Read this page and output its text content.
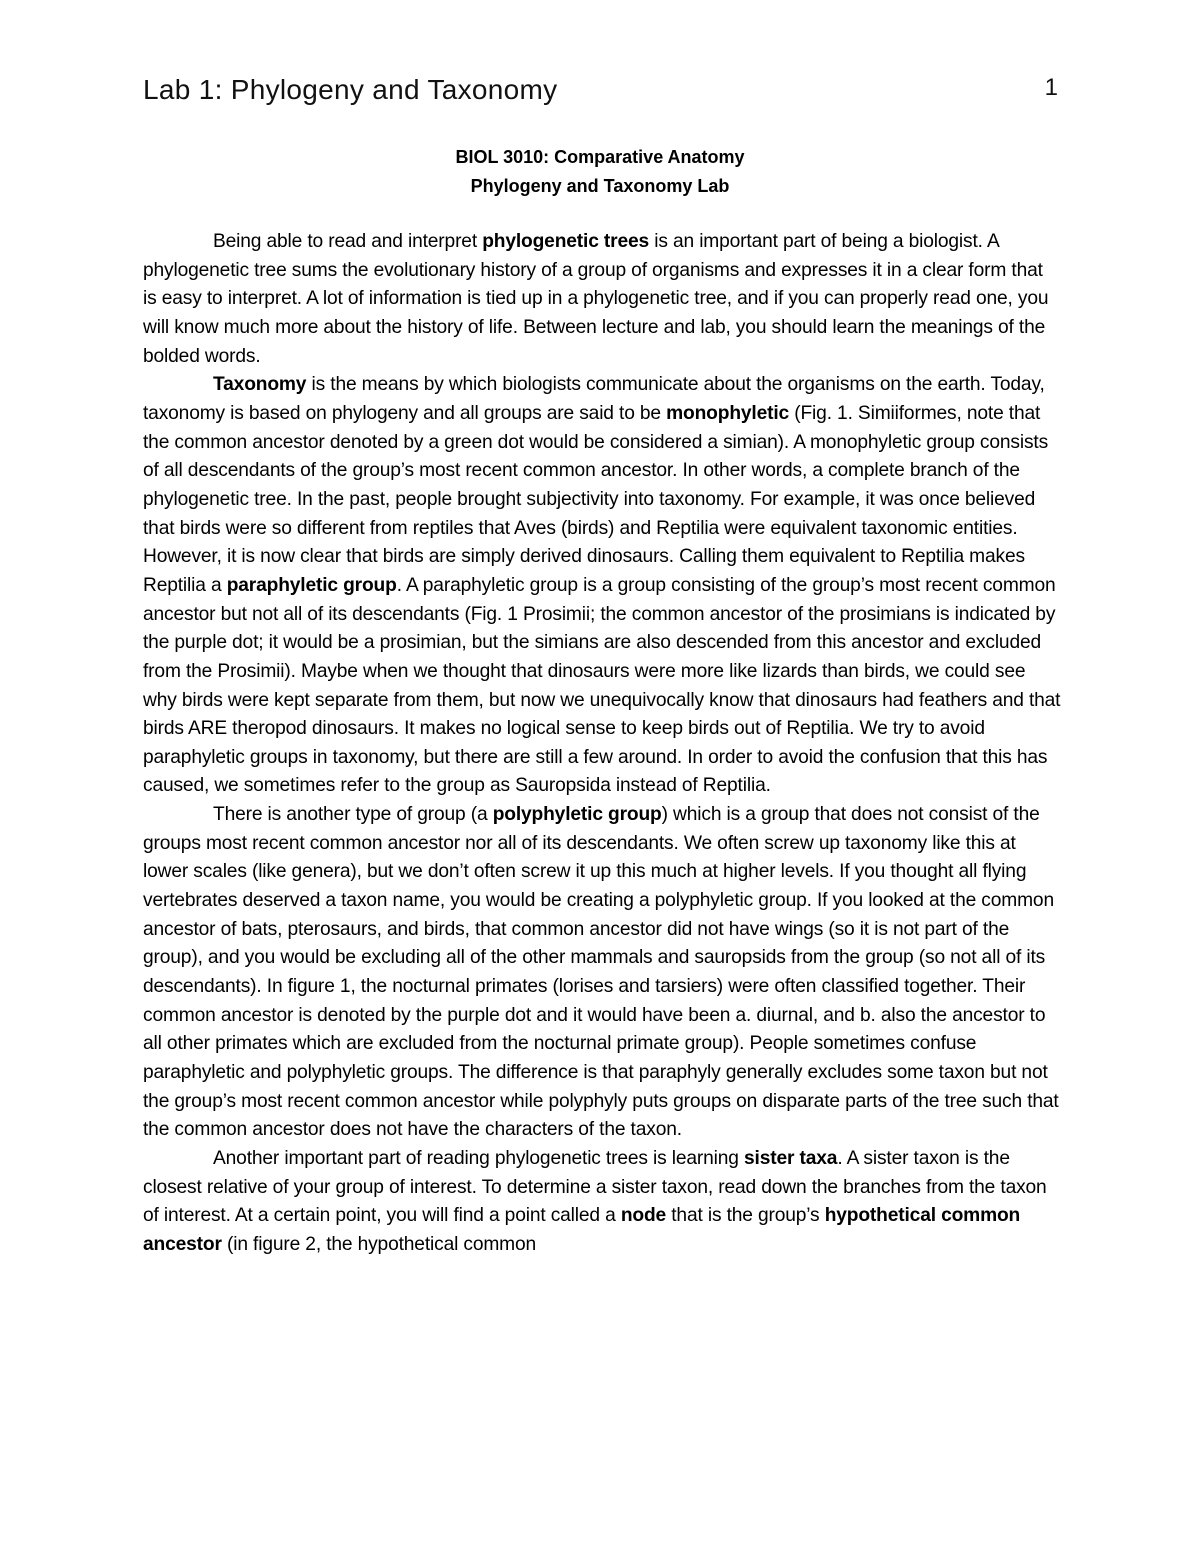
Lab 1: Phylogeny and Taxonomy	1
BIOL 3010: Comparative Anatomy
Phylogeny and Taxonomy Lab

Being able to read and interpret phylogenetic trees is an important part of being a biologist. A phylogenetic tree sums the evolutionary history of a group of organisms and expresses it in a clear form that is easy to interpret. A lot of information is tied up in a phylogenetic tree, and if you can properly read one, you will know much more about the history of life. Between lecture and lab, you should learn the meanings of the bolded words.

Taxonomy is the means by which biologists communicate about the organisms on the earth. Today, taxonomy is based on phylogeny and all groups are said to be monophyletic (Fig. 1. Simiiformes, note that the common ancestor denoted by a green dot would be considered a simian). A monophyletic group consists of all descendants of the group’s most recent common ancestor. In other words, a complete branch of the phylogenetic tree. In the past, people brought subjectivity into taxonomy. For example, it was once believed that birds were so different from reptiles that Aves (birds) and Reptilia were equivalent taxonomic entities. However, it is now clear that birds are simply derived dinosaurs. Calling them equivalent to Reptilia makes Reptilia a paraphyletic group. A paraphyletic group is a group consisting of the group’s most recent common ancestor but not all of its descendants (Fig. 1 Prosimii; the common ancestor of the prosimians is indicated by the purple dot; it would be a prosimian, but the simians are also descended from this ancestor and excluded from the Prosimii). Maybe when we thought that dinosaurs were more like lizards than birds, we could see why birds were kept separate from them, but now we unequivocally know that dinosaurs had feathers and that birds ARE theropod dinosaurs. It makes no logical sense to keep birds out of Reptilia. We try to avoid paraphyletic groups in taxonomy, but there are still a few around. In order to avoid the confusion that this has caused, we sometimes refer to the group as Sauropsida instead of Reptilia.

There is another type of group (a polyphyletic group) which is a group that does not consist of the groups most recent common ancestor nor all of its descendants. We often screw up taxonomy like this at lower scales (like genera), but we don’t often screw it up this much at higher levels. If you thought all flying vertebrates deserved a taxon name, you would be creating a polyphyletic group. If you looked at the common ancestor of bats, pterosaurs, and birds, that common ancestor did not have wings (so it is not part of the group), and you would be excluding all of the other mammals and sauropsids from the group (so not all of its descendants). In figure 1, the nocturnal primates (lorises and tarsiers) were often classified together. Their common ancestor is denoted by the purple dot and it would have been a. diurnal, and b. also the ancestor to all other primates which are excluded from the nocturnal primate group). People sometimes confuse paraphyletic and polyphyletic groups. The difference is that paraphyly generally excludes some taxon but not the group’s most recent common ancestor while polyphyly puts groups on disparate parts of the tree such that the common ancestor does not have the characters of the taxon.

Another important part of reading phylogenetic trees is learning sister taxa. A sister taxon is the closest relative of your group of interest. To determine a sister taxon, read down the branches from the taxon of interest. At a certain point, you will find a point called a node that is the group’s hypothetical common ancestor (in figure 2, the hypothetical common
